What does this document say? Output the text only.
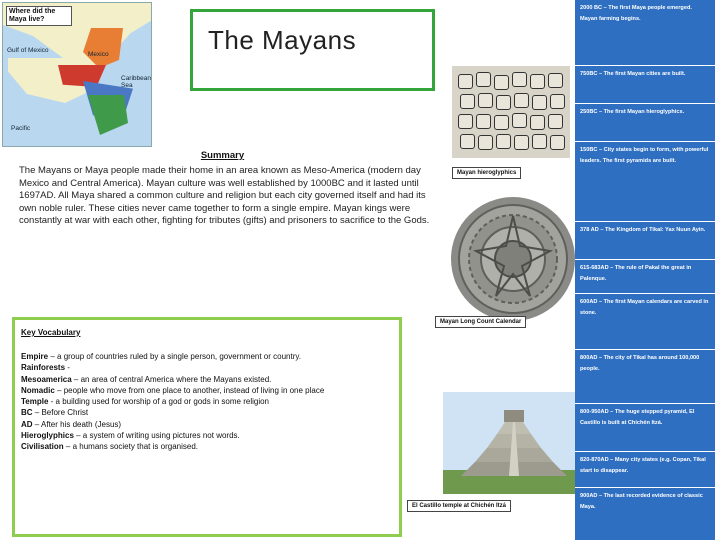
Where did the Maya live?
Gulf of Mexico
Mexico
Caribbean Sea
Pacific
The Mayans
Summary
The Mayans or Maya people made their home in an area known as Meso-America (modern day Mexico and Central America). Mayan culture was well established by 1000BC and it lasted until 1697AD. All Maya shared a common culture and religion but each city governed itself and had its own noble ruler. These cities never came together to form a single empire. Mayan kings were constantly at war with each other, fighting for tributes (gifts) and prisoners to sacrifice to the Gods.
Key Vocabulary
Empire – a group of countries ruled by a single person, government or country.
Rainforests -
Mesoamerica – an area of central America where the Mayans existed.
Nomadic – people who move from one place to another, instead of living in one place
Temple - a building used for worship of a god or gods in some religion
BC – Before Christ
AD – After his death (Jesus)
Hieroglyphics – a system of writing using pictures not words.
Civilisation – a humans society that is organised.
Mayan hieroglyphics
Mayan Long Count Calendar
El Castillo temple at Chichén Itzá
2000 BC – The first Maya people emerged. Mayan farming begins.
750BC – The first Mayan cities are built.
250BC – The first Mayan hieroglyphics.
150BC – City states begin to form, with powerful leaders. The first pyramids are built.
378 AD – The Kingdom of Tikal: Yax Nuun Ayin.
615-683AD – The rule of Pakal the great in Palenque.
600AD – The first Mayan calendars are carved in stone.
800AD – The city of Tikal has around 100,000 people.
800-950AD – The huge stepped pyramid, El Castillo is built at Chichén Itzá.
820-870AD – Many city states (e.g. Copan, Tikal start to disappear.
900AD – The last recorded evidence of classic Maya.
